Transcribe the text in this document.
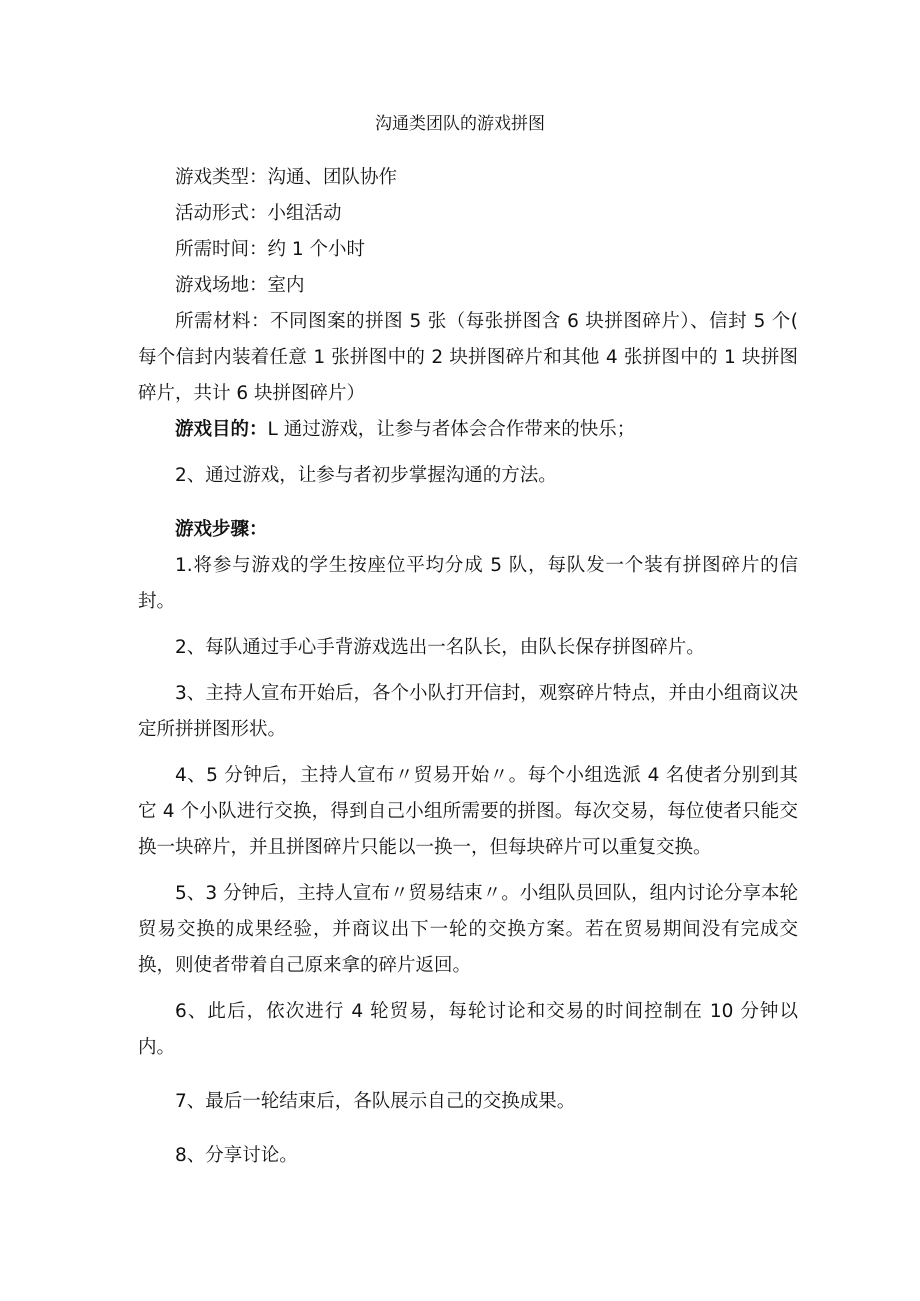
沟通类团队的游戏拼图

游戏类型：沟通、团队协作

活动形式：小组活动

所需时间：约 1 个小时

游戏场地：室内

所需材料：不同图案的拼图 5 张（每张拼图含 6 块拼图碎片）、信封 5 个( 每个信封内装着任意 1 张拼图中的 2 块拼图碎片和其他 4 张拼图中的 1 块拼图碎片，共计 6 块拼图碎片）

游戏目的：L 通过游戏，让参与者体会合作带来的快乐；

2、通过游戏，让参与者初步掌握沟通的方法。

游戏步骤：

1.将参与游戏的学生按座位平均分成 5 队，每队发一个装有拼图碎片的信封。

2、每队通过手心手背游戏选出一名队长，由队长保存拼图碎片。

3、主持人宣布开始后，各个小队打开信封，观察碎片特点，并由小组商议决定所拼拼图形状。

4、5 分钟后，主持人宣布〃贸易开始〃。每个小组选派 4 名使者分别到其它 4 个小队进行交换，得到自己小组所需要的拼图。每次交易，每位使者只能交换一块碎片，并且拼图碎片只能以一换一，但每块碎片可以重复交换。

5、3 分钟后，主持人宣布〃贸易结束〃。小组队员回队，组内讨论分享本轮贸易交换的成果经验，并商议出下一轮的交换方案。若在贸易期间没有完成交换，则使者带着自己原来拿的碎片返回。

6、此后，依次进行 4 轮贸易，每轮讨论和交易的时间控制在 10 分钟以内。

7、最后一轮结束后，各队展示自己的交换成果。

8、分享讨论。
